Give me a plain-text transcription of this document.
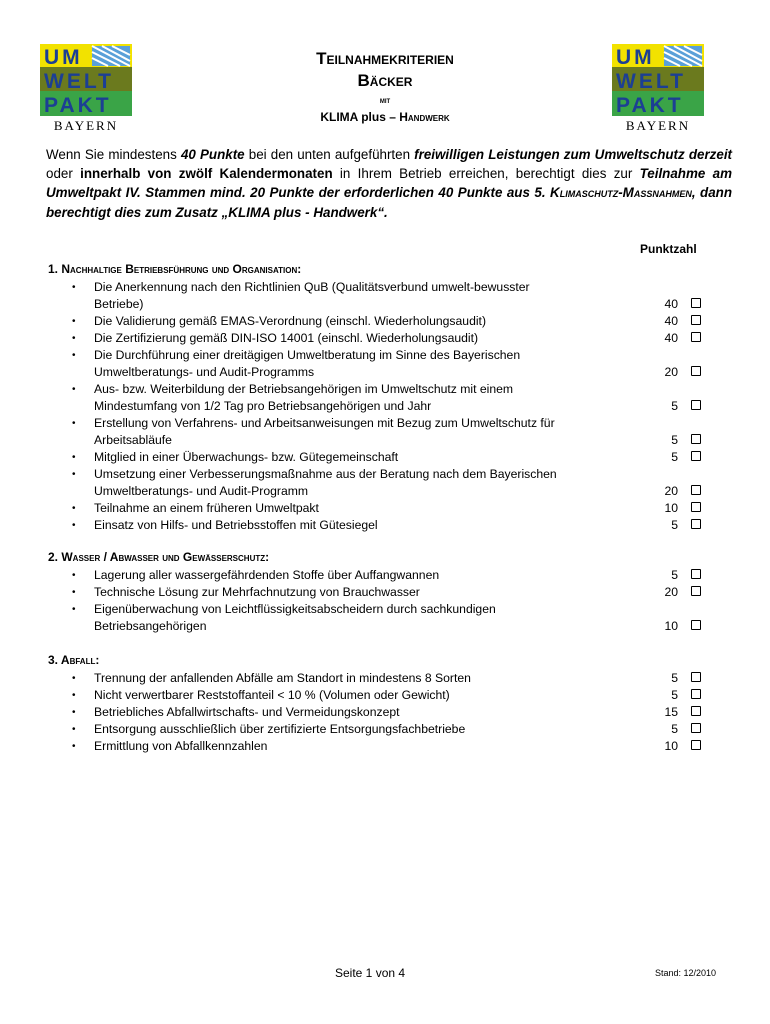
UM
WELT
PAKT
BAYERN
UM
WELT
PAKT
BAYERN
Teilnahmekriterien
Bäcker
mit
KLIMA plus – Handwerk
Wenn Sie mindestens 40 Punkte bei den unten aufgeführten freiwilligen Leistungen zum Umweltschutz derzeit oder innerhalb von zwölf Kalendermonaten in Ihrem Betrieb erreichen, berechtigt dies zur Teilnahme am Umweltpakt IV. Stammen mind. 20 Punkte der erforderlichen 40 Punkte aus 5. Klimaschutz-Massnahmen, dann berechtigt dies zum Zusatz „KLIMA plus - Handwerk“.
Punktzahl
1. Nachhaltige Betriebsführung und Organisation:
• Die Anerkennung nach den Richtlinien QuB (Qualitätsverbund umwelt-bewusster Betriebe)	40
• Die Validierung gemäß EMAS-Verordnung (einschl. Wiederholungsaudit)	40
• Die Zertifizierung gemäß DIN-ISO 14001 (einschl. Wiederholungsaudit)	40
• Die Durchführung einer dreitägigen Umweltberatung im Sinne des Bayerischen Umweltberatungs- und Audit-Programms	20
• Aus- bzw. Weiterbildung der Betriebsangehörigen im Umweltschutz mit einem Mindestumfang von 1/2 Tag pro Betriebsangehörigen und Jahr	5
• Erstellung von Verfahrens- und Arbeitsanweisungen mit Bezug zum Umweltschutz für Arbeitsabläufe	5
• Mitglied in einer Überwachungs- bzw. Gütegemeinschaft	5
• Umsetzung einer Verbesserungsmaßnahme aus der Beratung nach dem Bayerischen Umweltberatungs- und Audit-Programm	20
• Teilnahme an einem früheren Umweltpakt	10
• Einsatz von Hilfs- und Betriebsstoffen mit Gütesiegel	5
2. Wasser / Abwasser und Gewässerschutz:
• Lagerung aller wassergefährdenden Stoffe über Auffangwannen	5
• Technische Lösung zur Mehrfachnutzung von Brauchwasser	20
• Eigenüberwachung von Leichtflüssigkeitsabscheidern durch sachkundigen Betriebsangehörigen	10
3. Abfall:
• Trennung der anfallenden Abfälle am Standort in mindestens 8 Sorten	5
• Nicht verwertbarer Reststoffanteil < 10 % (Volumen oder Gewicht)	5
• Betriebliches Abfallwirtschafts- und Vermeidungskonzept	15
• Entsorgung ausschließlich über zertifizierte Entsorgungsfachbetriebe	5
• Ermittlung von Abfallkennzahlen	10
Seite 1 von 4	Stand: 12/2010
